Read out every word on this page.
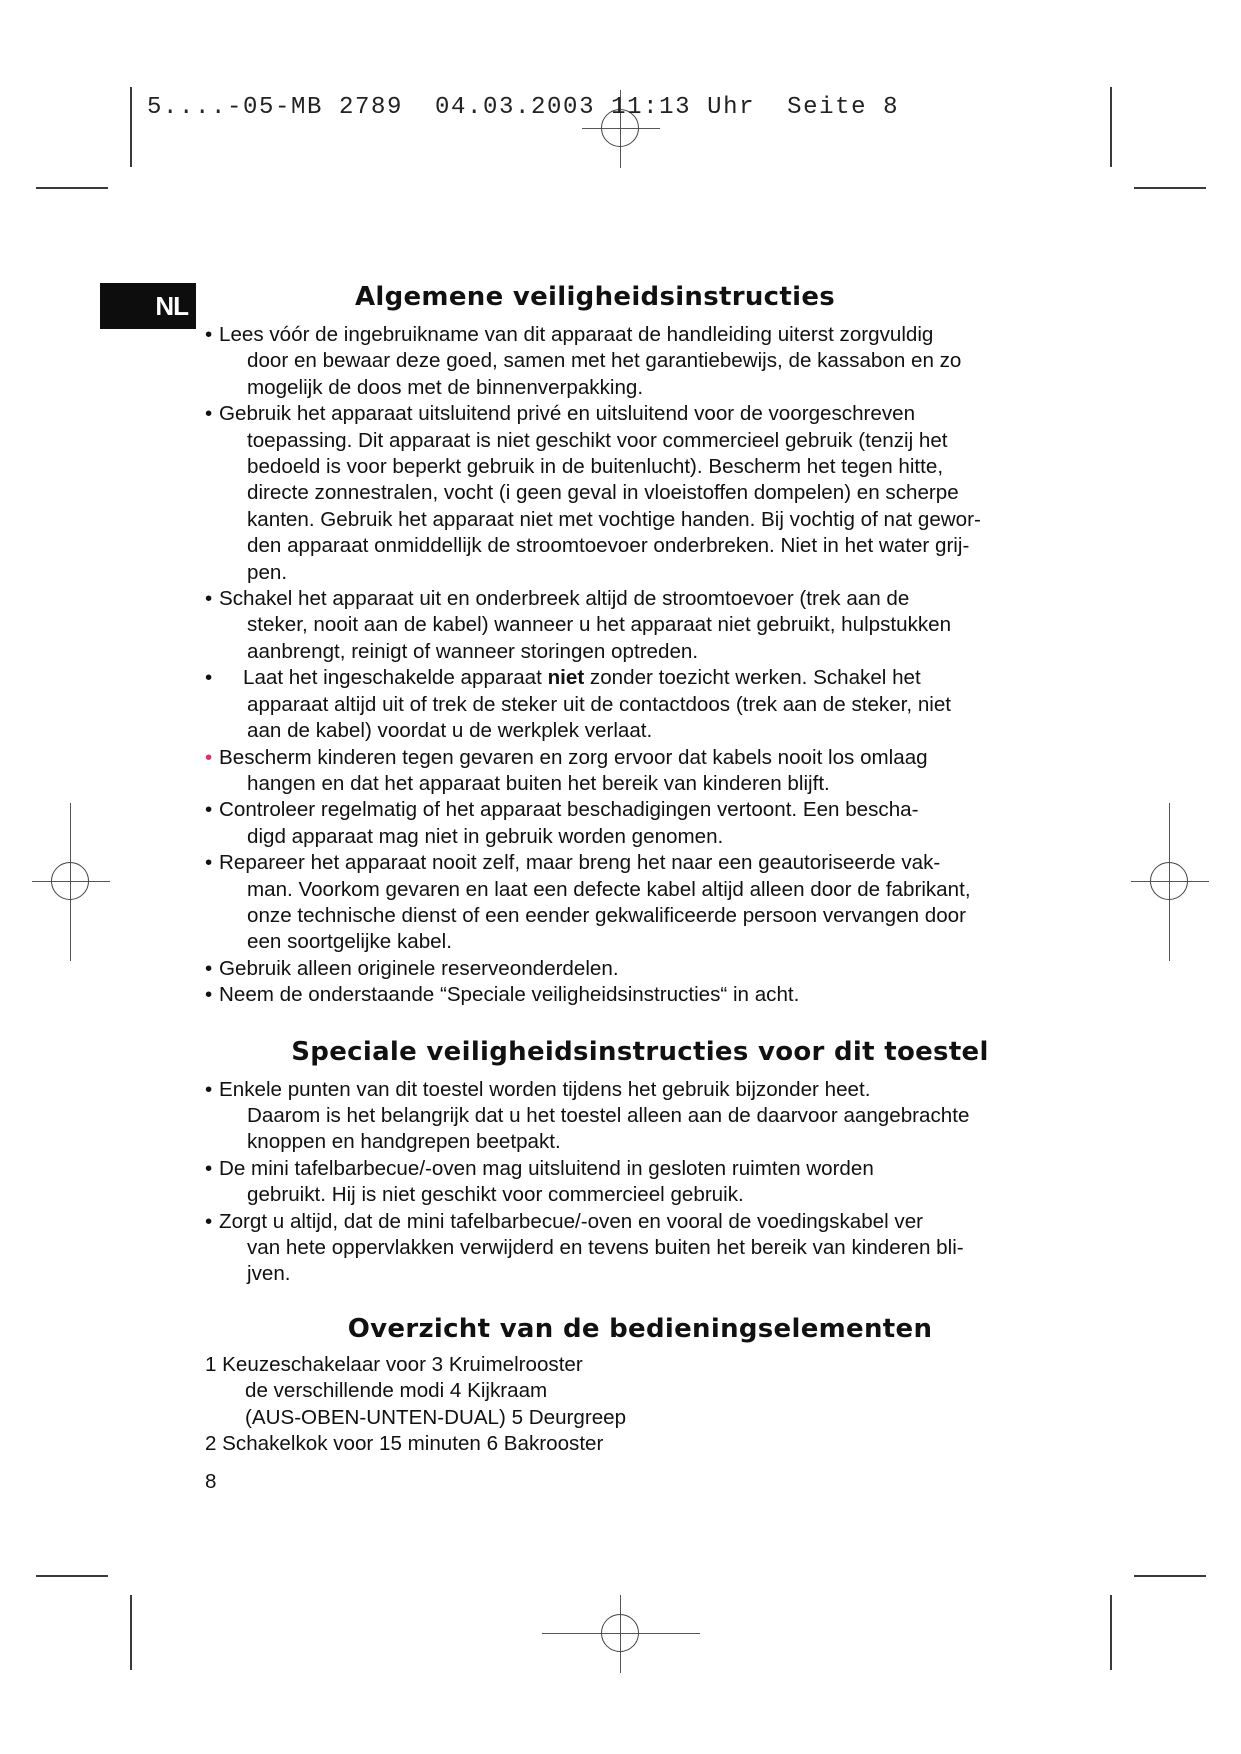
5....-05-MB 2789  04.03.2003 11:13 Uhr  Seite 8

NL	Algemene veiligheidsinstructies
• Lees vóór de ingebruikname van dit apparaat de handleiding uiterst zorgvuldig
door en bewaar deze goed, samen met het garantiebewijs, de kassabon en zo
mogelijk de doos met de binnenverpakking.
• Gebruik het apparaat uitsluitend privé en uitsluitend voor de voorgeschreven
toepassing. Dit apparaat is niet geschikt voor commercieel gebruik (tenzij het
bedoeld is voor beperkt gebruik in de buitenlucht). Bescherm het tegen hitte,
directe zonnestralen, vocht (i geen geval in vloeistoffen dompelen) en scherpe
kanten. Gebruik het apparaat niet met vochtige handen. Bij vochtig of nat gewor-
den apparaat onmiddellijk de stroomtoevoer onderbreken. Niet in het water grij-
pen.
• Schakel het apparaat uit en onderbreek altijd de stroomtoevoer (trek aan de
steker, nooit aan de kabel) wanneer u het apparaat niet gebruikt, hulpstukken
aanbrengt, reinigt of wanneer storingen optreden.
•	Laat het ingeschakelde apparaat niet zonder toezicht werken. Schakel het
apparaat altijd uit of trek de steker uit de contactdoos (trek aan de steker, niet
aan de kabel) voordat u de werkplek verlaat.
• Bescherm kinderen tegen gevaren en zorg ervoor dat kabels nooit los omlaag
hangen en dat het apparaat buiten het bereik van kinderen blijft.
• Controleer regelmatig of het apparaat beschadigingen vertoont. Een bescha-
digd apparaat mag niet in gebruik worden genomen.
• Repareer het apparaat nooit zelf, maar breng het naar een geautoriseerde vak-
man. Voorkom gevaren en laat een defecte kabel altijd alleen door de fabrikant,
onze technische dienst of een eender gekwalificeerde persoon vervangen door
een soortgelijke kabel.
• Gebruik alleen originele reserveonderdelen.
• Neem de onderstaande “Speciale veiligheidsinstructies“ in acht.
Speciale veiligheidsinstructies voor dit toestel
• Enkele punten van dit toestel worden tijdens het gebruik bijzonder heet.
Daarom is het belangrijk dat u het toestel alleen aan de daarvoor aangebrachte
knoppen en handgrepen beetpakt.
• De mini tafelbarbecue/-oven mag uitsluitend in gesloten ruimten worden
gebruikt. Hij is niet geschikt voor commercieel gebruik.
• Zorgt u altijd, dat de mini tafelbarbecue/-oven en vooral de voedingskabel ver
van hete oppervlakken verwijderd en tevens buiten het bereik van kinderen bli-
jven.
Overzicht van de bedieningselementen
1 Keuzeschakelaar voor 3 Kruimelrooster
de verschillende modi 4 Kijkraam
(AUS-OBEN-UNTEN-DUAL) 5 Deurgreep
2 Schakelkok voor 15 minuten 6 Bakrooster
8
